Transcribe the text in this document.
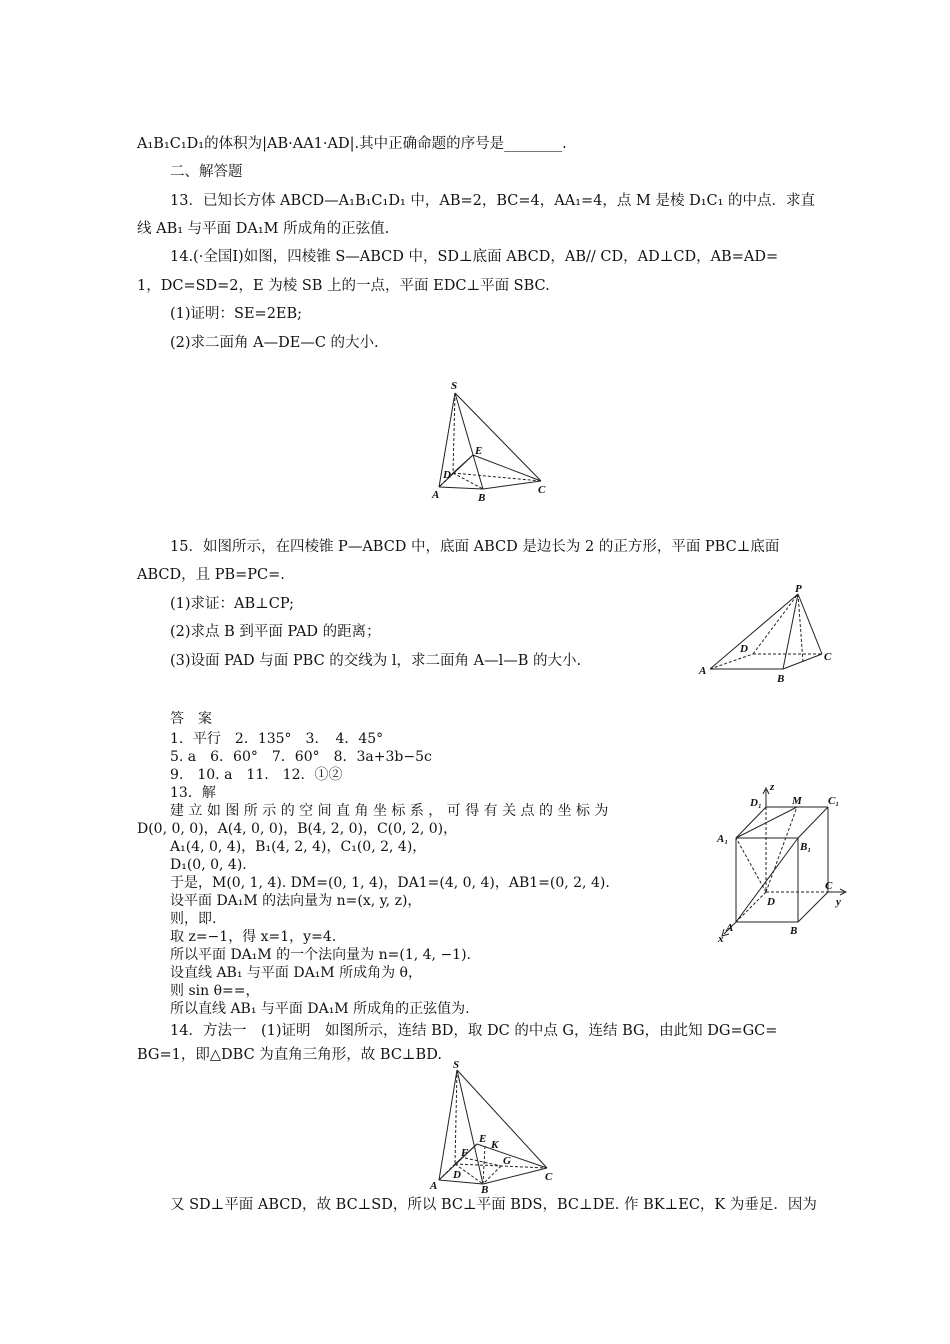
A₁B₁C₁D₁的体积为|AB·AA1·AD|.其中正确命题的序号是________.
二、解答题
13．已知长方体 ABCD—A₁B₁C₁D₁ 中，AB=2，BC=4，AA₁=4，点 M 是棱 D₁C₁ 的中点．求直
线 AB₁ 与平面 DA₁M 所成角的正弦值.
14.(·全国Ⅰ)如图，四棱锥 S—ABCD 中，SD⊥底面 ABCD，AB// CD，AD⊥CD，AB=AD=
1，DC=SD=2，E 为棱 SB 上的一点，平面 EDC⊥平面 SBC.
(1)证明：SE=2EB;
(2)求二面角 A—DE—C 的大小.
S
E
D
A	B
C
15．如图所示，在四棱锥 P—ABCD 中，底面 ABCD 是边长为 2 的正方形，平面 PBC⊥底面
ABCD，且 PB=PC=.
(1)求证：AB⊥CP;
(2)求点 B 到平面 PAD 的距离；
(3)设面 PAD 与面 PBC 的交线为 l，求二面角 A—l—B 的大小.
P
D
A
B
C
答　案
1．平行　2．135°　3．　4．45°
5. a　6．60°　7．60°　8．3a+3b−5c
9.　10. a　11.　12．①②
13．解
建 立 如 图 所 示 的 空 间 直 角 坐 标 系 ， 可 得 有 关 点 的 坐 标 为
D(0, 0, 0)，A(4, 0, 0)，B(4, 2, 0)，C(0, 2, 0)，
A₁(4, 0, 4)，B₁(4, 2, 4)，C₁(0, 2, 4)，
D₁(0, 0, 4).
于是，M(0, 1, 4). DM=(0, 1, 4)，DA1=(4, 0, 4)，AB1=(0, 2, 4).
设平面 DA₁M 的法向量为 n=(x, y, z)，
则，即.
取 z=−1，得 x=1，y=4.
所以平面 DA₁M 的一个法向量为 n=(1, 4, −1).
设直线 AB₁ 与平面 DA₁M 所成角为 θ，
则 sin θ==，
所以直线 AB₁ 与平面 DA₁M 所成角的正弦值为.
z
D₁	M C₁
A₁
B₁
C
y
D
x
A	B
14．方法一　(1)证明　如图所示，连结 BD，取 DC 的中点 G，连结 BG，由此知 DG=GC=
BG=1，即△DBC 为直角三角形，故 BC⊥BD.
S
E K
F
G
A
D
B
C
又 SD⊥平面 ABCD，故 BC⊥SD，所以 BC⊥平面 BDS，BC⊥DE. 作 BK⊥EC，K 为垂足．因为
